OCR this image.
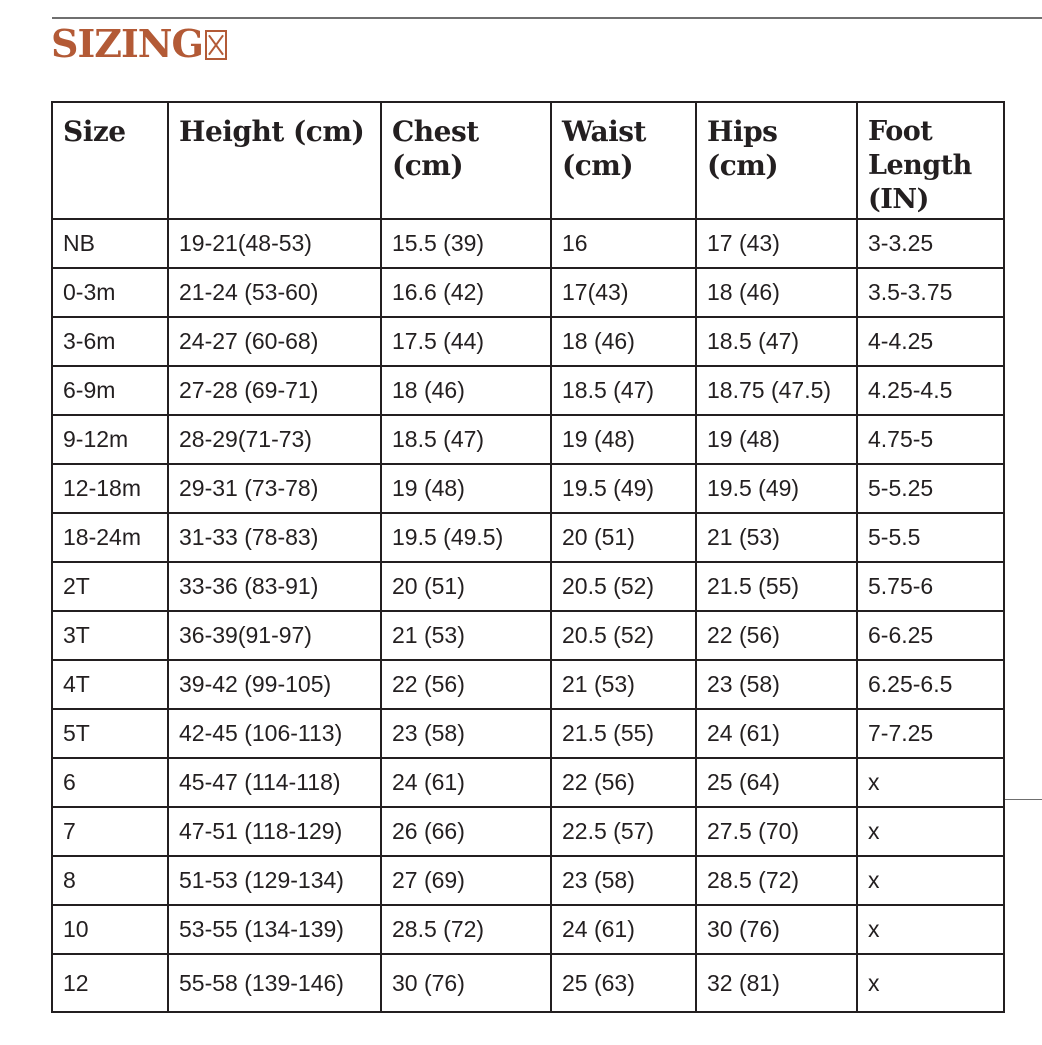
SIZING
Size	Height (cm)	Chest (cm)	Waist (cm)	Hips (cm)	Foot Length (IN)
NB	19-21(48-53)	15.5 (39)	16	17 (43)	3-3.25
0-3m	21-24 (53-60)	16.6 (42)	17(43)	18 (46)	3.5-3.75
3-6m	24-27 (60-68)	17.5 (44)	18 (46)	18.5 (47)	4-4.25
6-9m	27-28 (69-71)	18 (46)	18.5 (47)	18.75 (47.5)	4.25-4.5
9-12m	28-29(71-73)	18.5 (47)	19 (48)	19 (48)	4.75-5
12-18m	29-31 (73-78)	19 (48)	19.5 (49)	19.5 (49)	5-5.25
18-24m	31-33 (78-83)	19.5 (49.5)	20 (51)	21 (53)	5-5.5
2T	33-36 (83-91)	20 (51)	20.5 (52)	21.5 (55)	5.75-6
3T	36-39(91-97)	21 (53)	20.5 (52)	22 (56)	6-6.25
4T	39-42 (99-105)	22 (56)	21 (53)	23 (58)	6.25-6.5
5T	42-45 (106-113)	23 (58)	21.5 (55)	24 (61)	7-7.25
6	45-47 (114-118)	24 (61)	22 (56)	25 (64)	x
7	47-51 (118-129)	26 (66)	22.5 (57)	27.5 (70)	x
8	51-53 (129-134)	27 (69)	23 (58)	28.5 (72)	x
10	53-55 (134-139)	28.5 (72)	24 (61)	30 (76)	x
12	55-58 (139-146)	30 (76)	25 (63)	32 (81)	x
